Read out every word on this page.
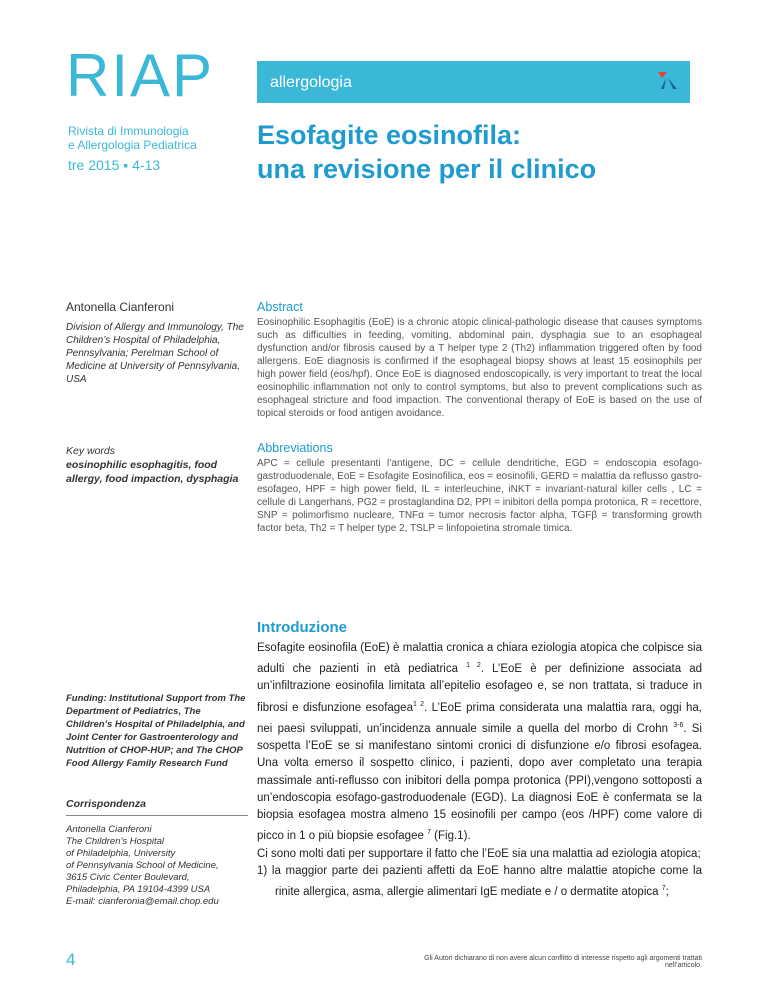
RIAP
Rivista di Immunologia
e Allergologia Pediatrica
tre 2015 ▪ 4-13
allergologia
Esofagite eosinofila:
una revisione per il clinico
Antonella Cianferoni
Division of Allergy and Immunology, The Children’s Hospital of Philadelphia, Pennsylvania; Perelman School of Medicine at University of Pennsylvania, USA
Key words
eosinophilic esophagitis, food allergy, food impaction, dysphagia
Funding: Institutional Support from The Department of Pediatrics, The Children’s Hospital of Philadelphia, and Joint Center for Gastroenterology and Nutrition of CHOP-HUP; and The CHOP Food Allergy Family Research Fund
Corrispondenza
Antonella Cianferoni
The Children’s Hospital
of Philadelphia, University
of Pennsylvania School of Medicine,
3615 Civic Center Boulevard,
Philadelphia, PA 19104-4399 USA
E-mail: cianferonia@email.chop.edu
Abstract
Eosinophilic Esophagitis (EoE) is a chronic atopic clinical-pathologic disease that causes symptoms such as difficulties in feeding, vomiting, abdominal pain, dysphagia sue to an esophageal dysfunction and/or fibrosis caused by a T helper type 2 (Th2) inflammation triggered often by food allergens. EoE diagnosis is confirmed if the esophageal biopsy shows at least 15 eosinophils per high power field (eos/hpf). Once EoE is diagnosed endoscopically, is very important to treat the local eosinophilic inflammation not only to control symptoms, but also to prevent complications such as esophageal stricture and food impaction. The conventional therapy of EoE is based on the use of topical steroids or food antigen avoidance.
Abbreviations
APC = cellule presentanti l’antigene, DC = cellule dendritiche, EGD = endoscopia esofago-gastroduodenale, EoE = Esofagite Eosinofilica, eos = eosinofili, GERD = malattia da reflusso gastro-esofageo, HPF = high power field, IL = interleuchine, iNKT = invariant-natural killer cells , LC = cellule di Langerhans, PG2 = prostaglandina D2, PPI = inibitori della pompa protonica, R = recettore, SNP = polimorfismo nucleare, TNFα = tumor necrosis factor alpha, TGFβ = transforming growth factor beta, Th2 = T helper type 2, TSLP = linfopoietina stromale timica.
Introduzione

Esofagite eosinofila (EoE) è malattia cronica a chiara eziologia atopica che colpisce sia adulti che pazienti in età pediatrica $^{1 2}$. L’EoE è per definizione associata ad un’infiltrazione eosinofila limitata all’epitelio esofageo e, se non trattata, si traduce in fibrosi e disfunzione esofagea$^{1 2}$. L’EoE prima considerata una malattia rara, oggi ha, nei paesi sviluppati, un’incidenza annuale simile a quella del morbo di Crohn $^{3-6}$. Si sospetta l’EoE se si manifestano sintomi cronici di disfunzione e/o fibrosi esofagea. Una volta emerso il sospetto clinico, i pazienti, dopo aver completato una terapia massimale anti-reflusso con inibitori della pompa protonica (PPI),vengono sottoposti a un’endoscopia esofago-gastroduodenale (EGD). La diagnosi EoE è confermata se la biopsia esofagea mostra almeno 15 eosinofili per campo (eos /HPF) come valore di picco in 1 o più biopsie esofagee $^7$ (Fig.1).

Ci sono molti dati per supportare il fatto che l’EoE sia una malattia ad eziologia atopica;

1) la maggior parte dei pazienti affetti da EoE hanno altre malattie atopiche come la rinite allergica, asma, allergie alimentari IgE mediate e / o dermatite atopica $^7$;
4	Gli Autori dichiarano di non avere alcun conflitto di interesse rispetto agli argomenti trattati nell’articolo.
